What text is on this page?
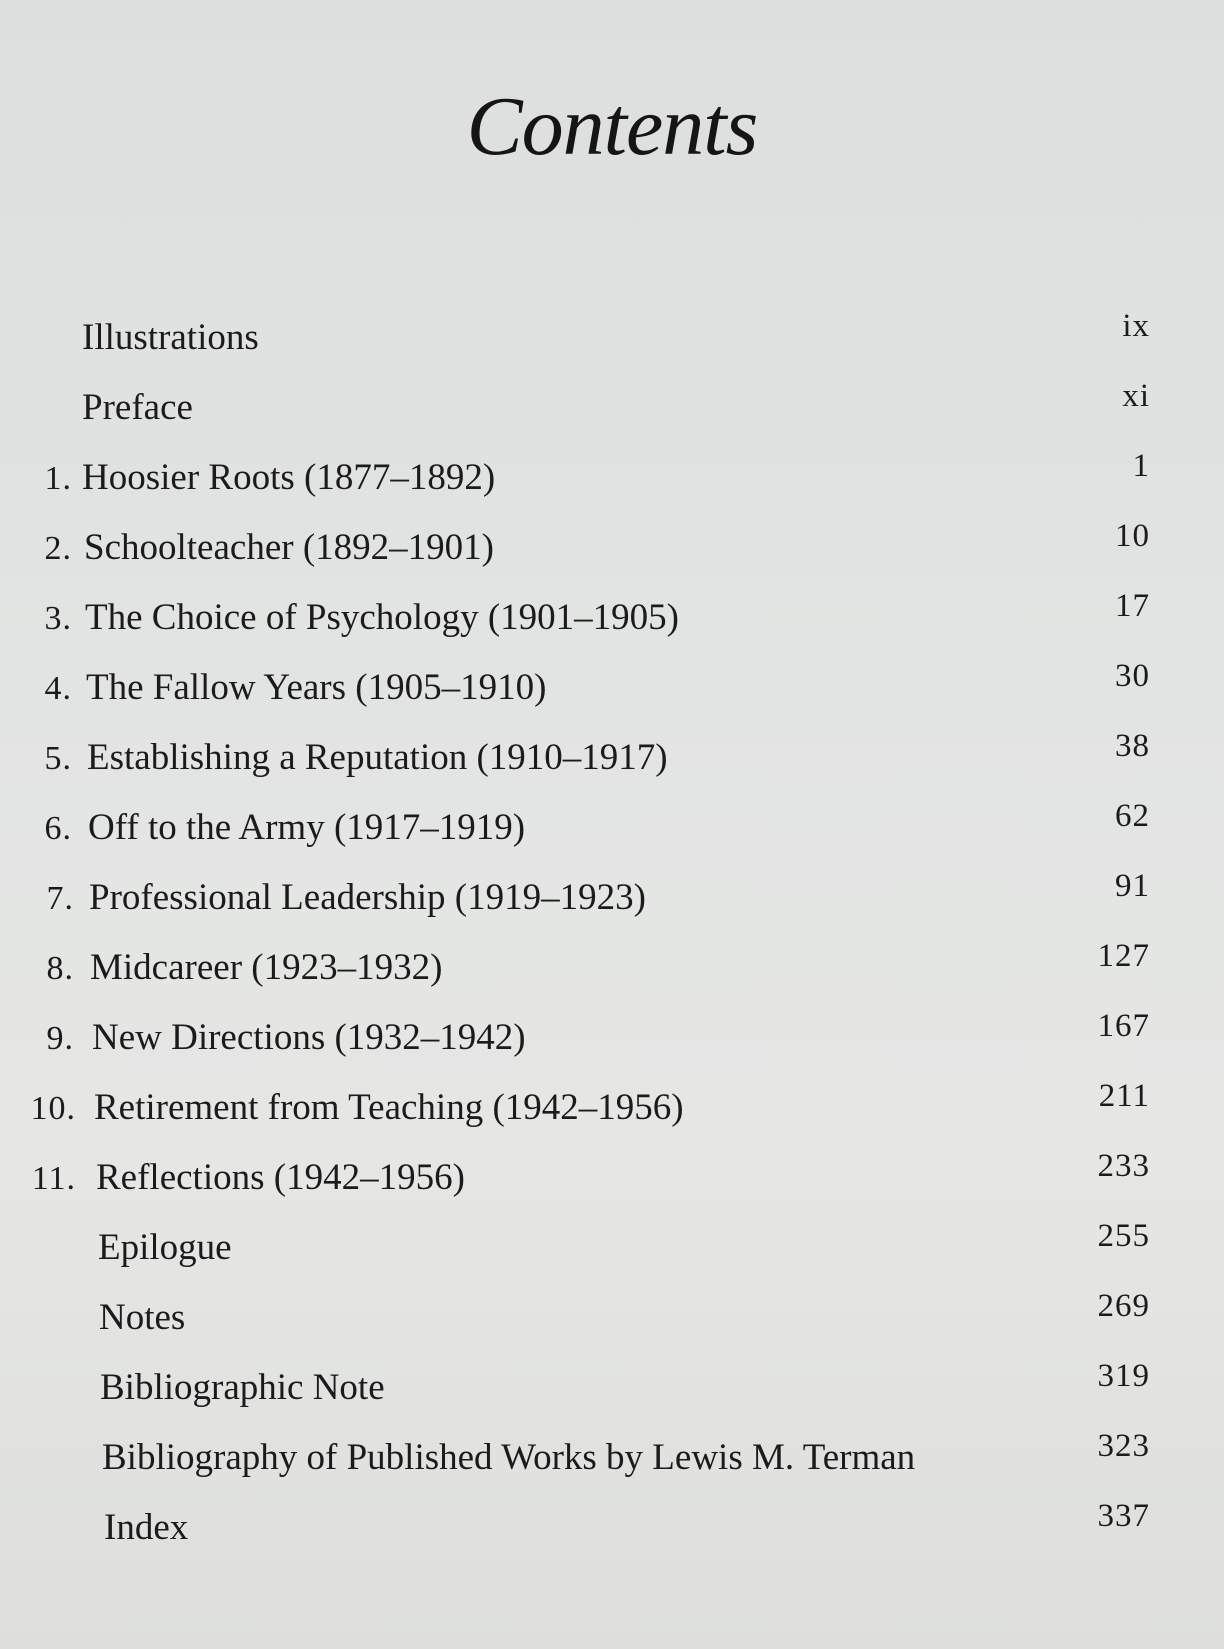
Contents
Illustrations	ix
Preface	xi
1. Hoosier Roots (1877–1892)	1
2. Schoolteacher (1892–1901)	10
3. The Choice of Psychology (1901–1905)	17
4. The Fallow Years (1905–1910)	30
5. Establishing a Reputation (1910–1917)	38
6. Off to the Army (1917–1919)	62
7. Professional Leadership (1919–1923)	91
8. Midcareer (1923–1932)	127
9. New Directions (1932–1942)	167
10. Retirement from Teaching (1942–1956)	211
11. Reflections (1942–1956)	233
Epilogue	255
Notes	269
Bibliographic Note	319
Bibliography of Published Works by Lewis M. Terman	323
Index	337
